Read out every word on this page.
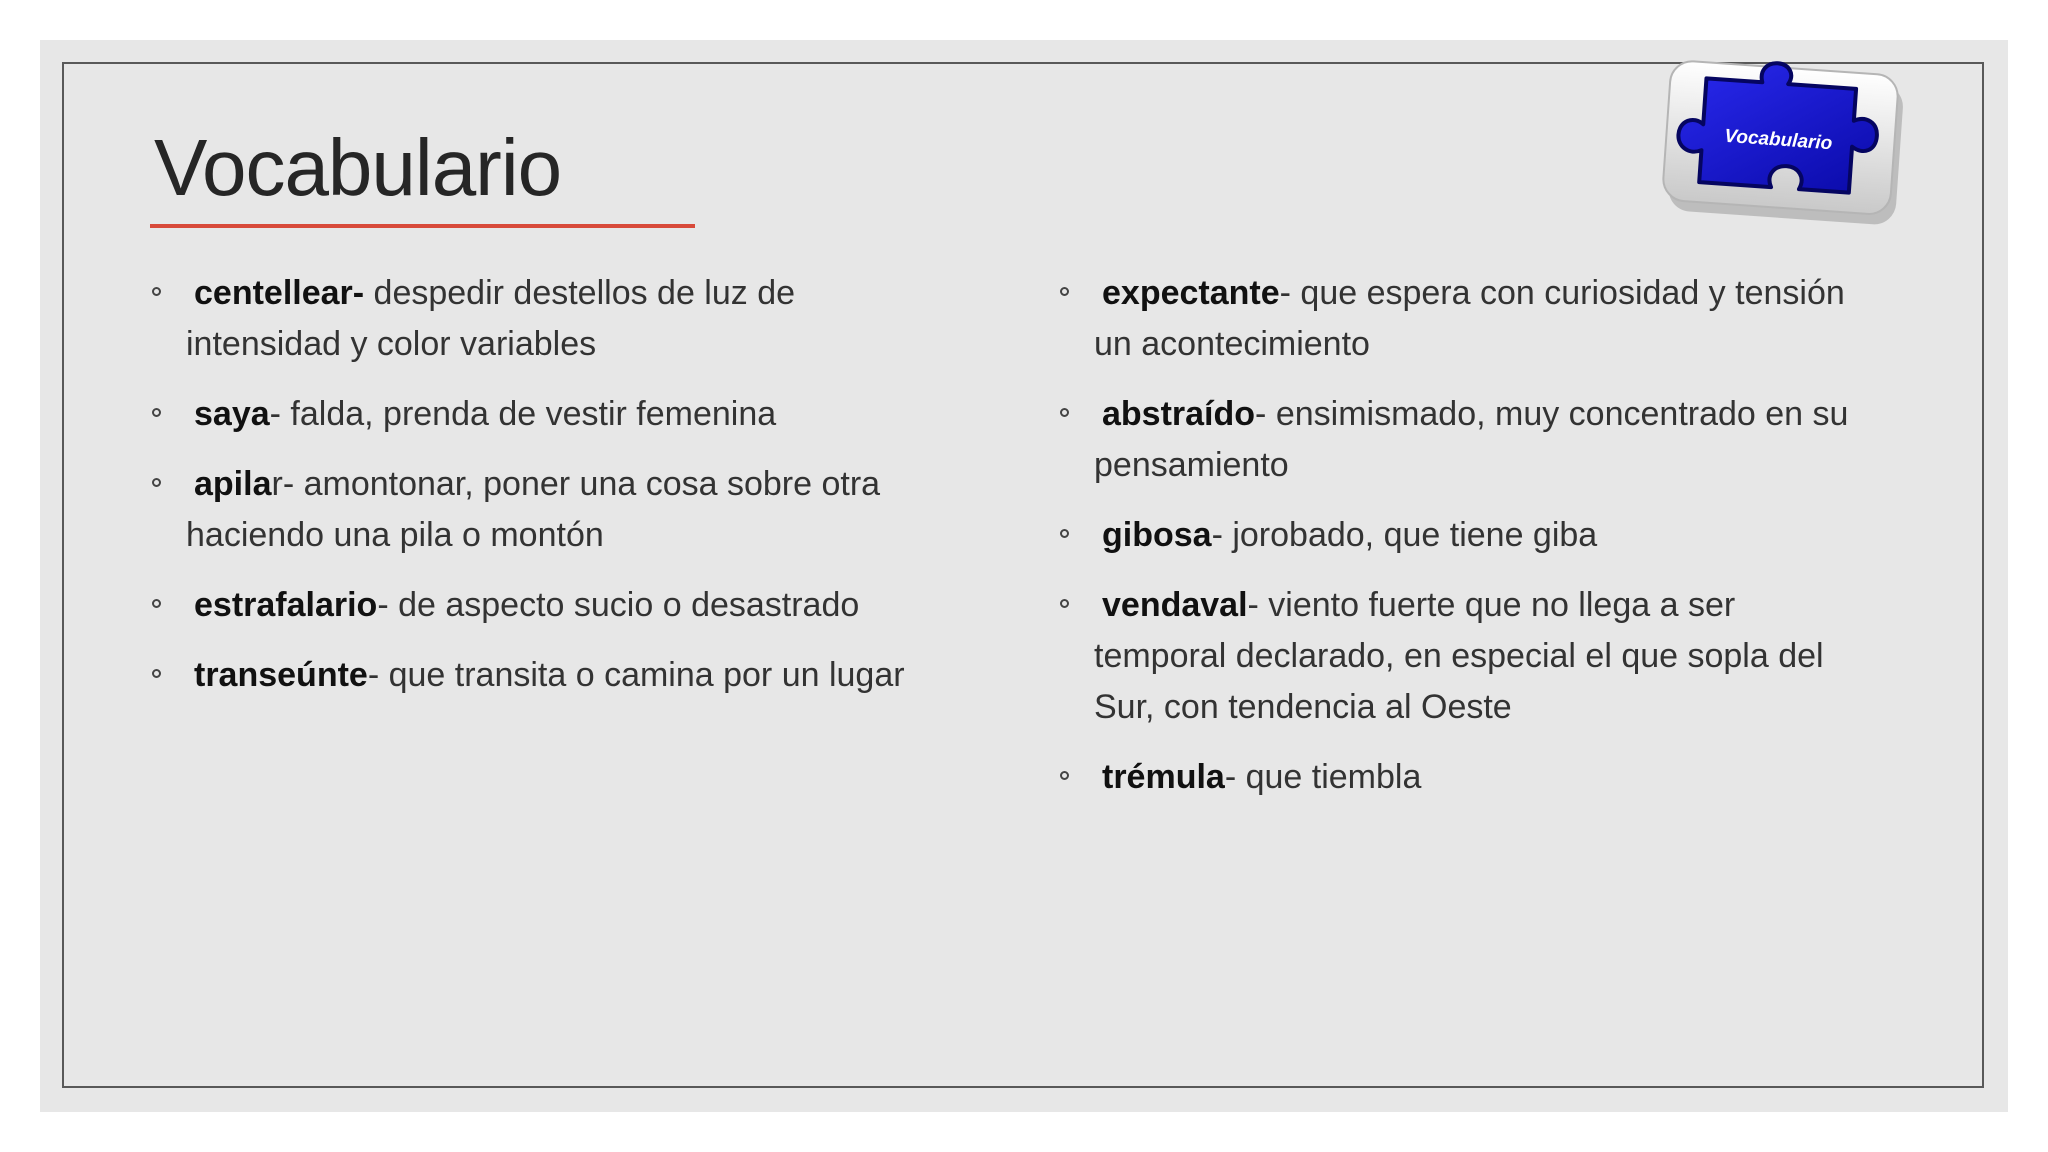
Vocabulario	Vocabulario
centellear- despedir destellos de luz de intensidad y color variables
saya- falda, prenda de vestir femenina
apilar- amontonar, poner una cosa sobre otra haciendo una pila o montón
estrafalario- de aspecto sucio o desastrado
transeúnte- que transita o camina por un lugar
expectante- que espera con curiosidad y tensión un acontecimiento
abstraído- ensimismado, muy concentrado en su pensamiento
gibosa- jorobado, que tiene giba
vendaval- viento fuerte que no llega a ser temporal declarado, en especial el que sopla del Sur, con tendencia al Oeste
trémula- que tiembla
